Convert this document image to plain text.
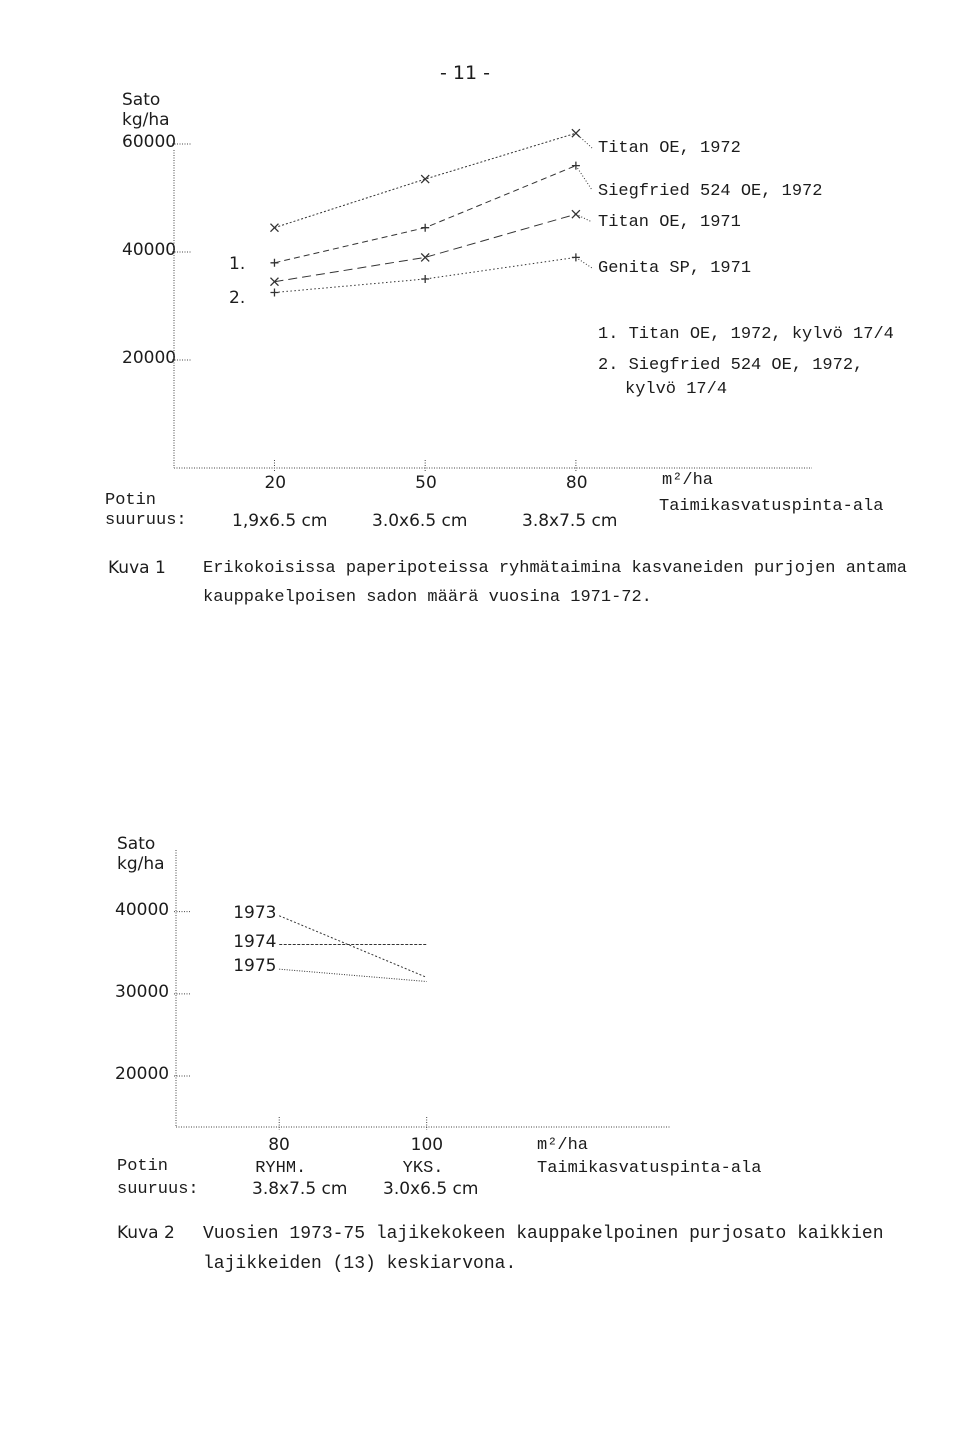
- 11 -
Sato
kg/ha
60000
40000
20000
1.
2.
Titan OE, 1972
Siegfried 524 OE, 1972
Titan OE, 1971
Genita SP, 1971
1. Titan OE, 1972, kylvö 17/4
2. Siegfried 524 OE, 1972,
kylvö 17/4
20	50	80	m²/ha
Taimikasvatuspinta-ala
Potin
suuruus:	1,9x6.5 cm	3.0x6.5 cm	3.8x7.5 cm
Kuva 1 Erikokoisissa paperipoteissa ryhmätaimina kasvaneiden purjojen antama
kauppakelpoisen sadon määrä vuosina 1971-72.
Sato
kg/ha
40000
30000
20000
1973
1974
1975
80	100
RYHM.	YKS.
m²/ha
Taimikasvatuspinta-ala
Potin
suuruus:	3.8x7.5 cm 3.0x6.5 cm
Kuva 2 Vuosien 1973-75 lajikekokeen kauppakelpoinen purjosato kaikkien
lajikkeiden (13) keskiarvona.
